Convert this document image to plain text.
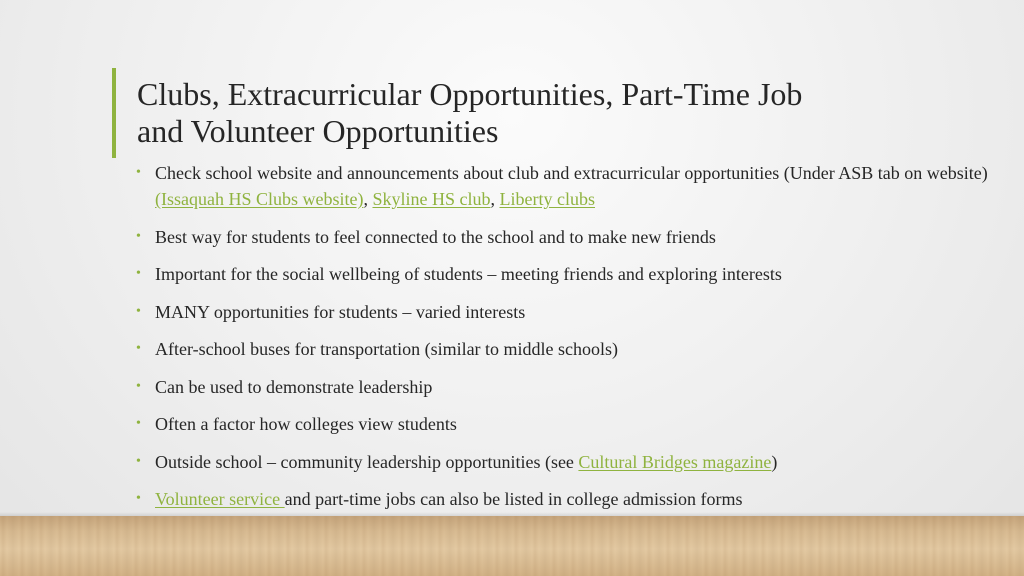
Clubs, Extracurricular Opportunities, Part-Time Job
and Volunteer Opportunities
• Check school website and announcements about club and extracurricular opportunities (Under ASB tab on website) (Issaquah HS Clubs website), Skyline HS club, Liberty clubs
• Best way for students to feel connected to the school and to make new friends
• Important for the social wellbeing of students – meeting friends and exploring interests
• MANY opportunities for students – varied interests
• After-school buses for transportation (similar to middle schools)
• Can be used to demonstrate leadership
• Often a factor how colleges view students
• Outside school – community leadership opportunities (see Cultural Bridges magazine)
• Volunteer service and part-time jobs can also be listed in college admission forms
